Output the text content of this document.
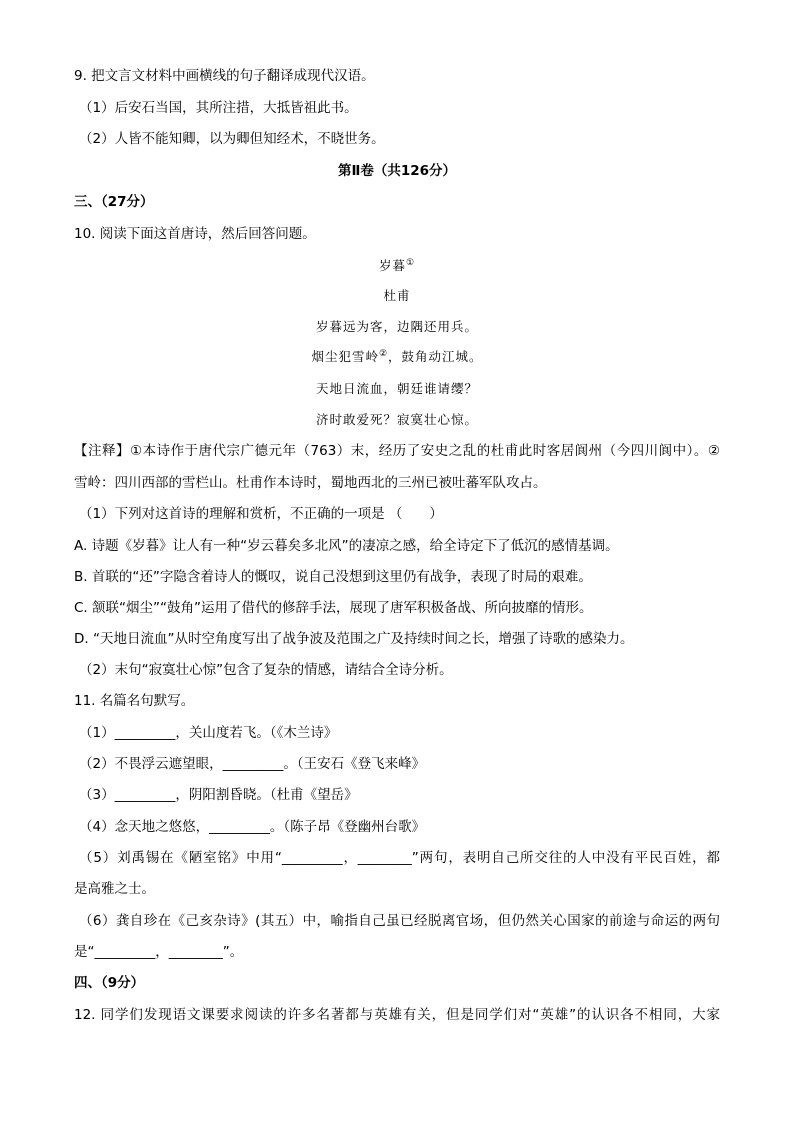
9. 把文言文材料中画横线的句子翻译成现代汉语。
（1）后安石当国，其所注措，大抵皆祖此书。
（2）人皆不能知卿，以为卿但知经术，不晓世务。
第Ⅱ卷（共126分）
三、（27分）
10. 阅读下面这首唐诗，然后回答问题。
岁暮①
杜甫
岁暮远为客，边隅还用兵。
烟尘犯雪岭②，鼓角动江城。
天地日流血，朝廷谁请缨？
济时敢爱死？寂寞壮心惊。
【注释】①本诗作于唐代宗广德元年（763）末，经历了安史之乱的杜甫此时客居阆州（今四川阆中）。②
雪岭：四川西部的雪栏山。杜甫作本诗时，蜀地西北的三州已被吐蕃军队攻占。
（1）下列对这首诗的理解和赏析，不正确的一项是 （　　）
A. 诗题《岁暮》让人有一种“岁云暮矣多北风”的凄凉之感，给全诗定下了低沉的感情基调。
B. 首联的“还”字隐含着诗人的慨叹，说自己没想到这里仍有战争，表现了时局的艰难。
C. 颔联“烟尘”“鼓角”运用了借代的修辞手法，展现了唐军积极备战、所向披靡的情形。
D. “天地日流血”从时空角度写出了战争波及范围之广及持续时间之长，增强了诗歌的感染力。
（2）末句“寂寞壮心惊”包含了复杂的情感，请结合全诗分析。
11. 名篇名句默写。
（1）_________，关山度若飞。（《木兰诗》
（2）不畏浮云遮望眼，_________。（王安石《登飞来峰》
（3）_________，阴阳割昏晓。（杜甫《望岳》
（4）念天地之悠悠，_________。（陈子昂《登幽州台歌》
（5）刘禹锡在《陋室铭》中用“_________，________”两句，表明自己所交往的人中没有平民百姓，都
是高雅之士。
（6）龚自珍在《己亥杂诗》(其五）中，喻指自己虽已经脱离官场，但仍然关心国家的前途与命运的两句
是“_________，________”。
四、（9分）
12. 同学们发现语文课要求阅读的许多名著都与英雄有关，但是同学们对“英雄”的认识各不相同，大家
